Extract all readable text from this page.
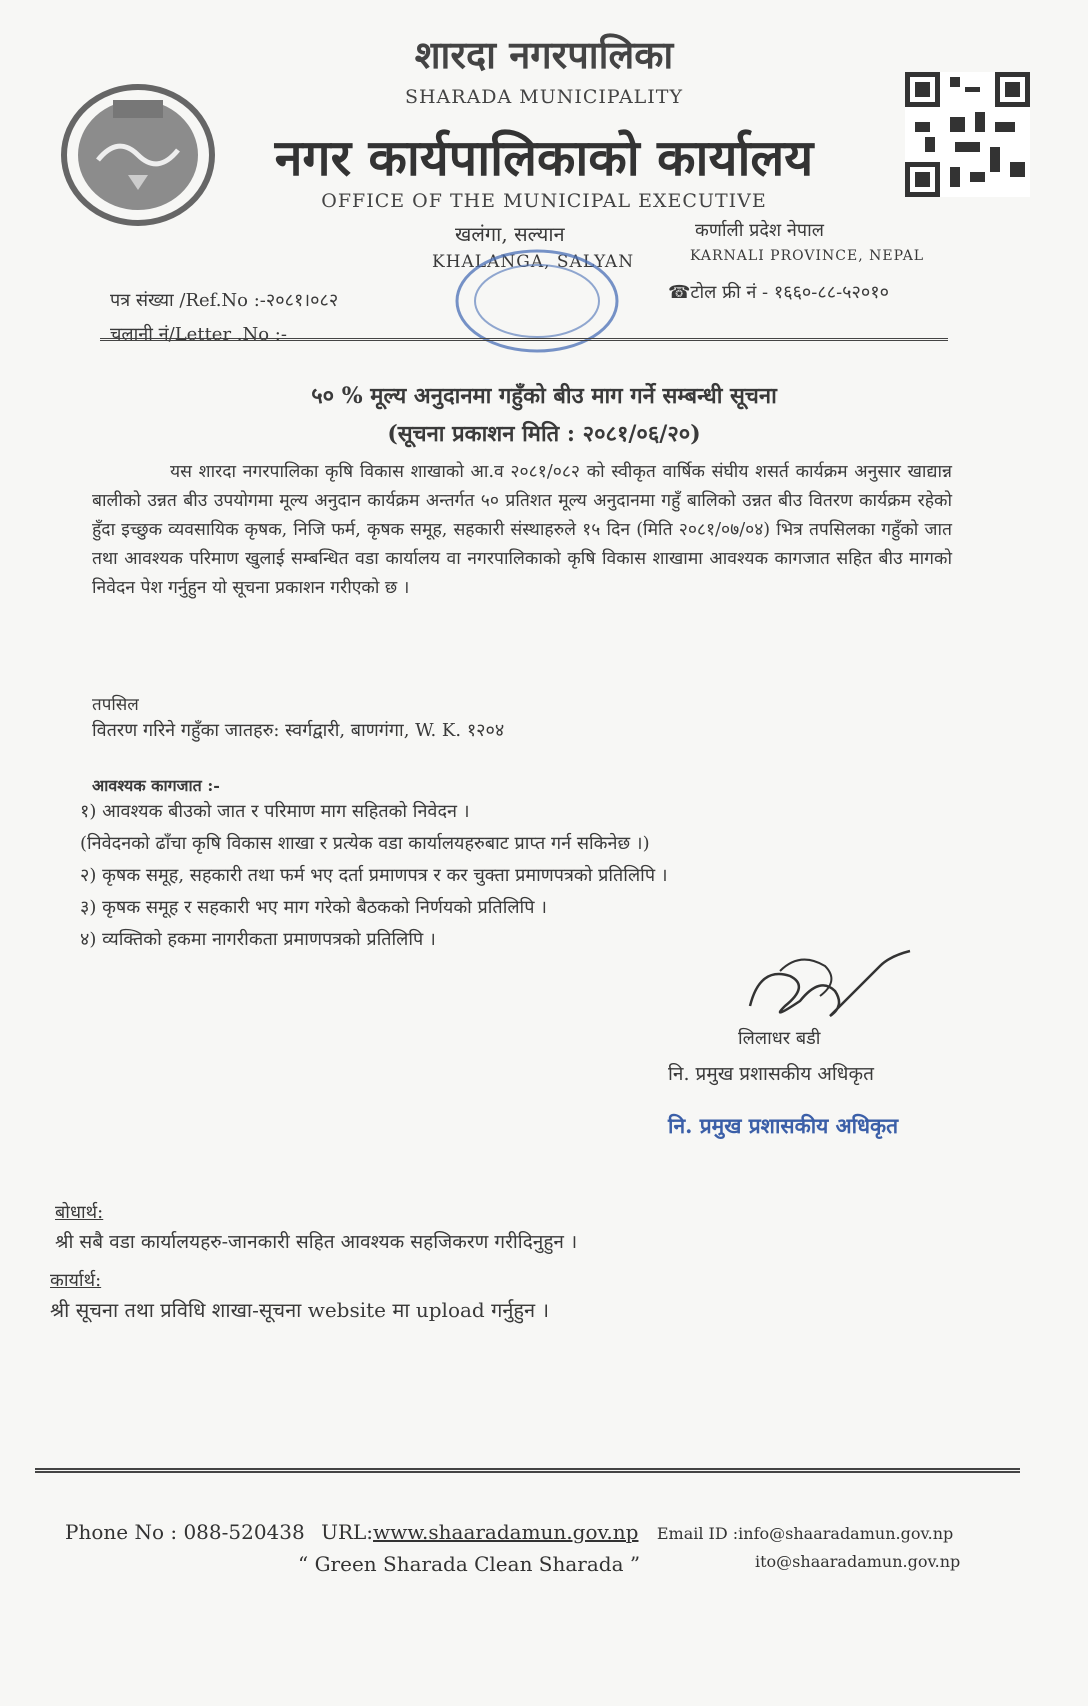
शारदा नगरपालिका
SHARADA MUNICIPALITY
नगर कार्यपालिकाको कार्यालय
OFFICE OF THE MUNICIPAL EXECUTIVE
खलंगा, सल्यान
KHALANGA, SALYAN
कर्णाली प्रदेश नेपाल
KARNALI PROVINCE, NEPAL
☎टोल फ्री नं - १६६०-८८-५२०१०
पत्र संख्या /Ref.No :-२०८१।०८२
चलानी नं/Letter .No :-
५० % मूल्य अनुदानमा गहुँको बीउ माग गर्ने सम्बन्धी सूचना
(सूचना प्रकाशन मिति : २०८१/०६/२०)
यस शारदा नगरपालिका कृषि विकास शाखाको आ.व २०८१/०८२ को स्वीकृत वार्षिक संघीय शसर्त कार्यक्रम अनुसार खाद्यान्न बालीको उन्नत बीउ उपयोगमा मूल्य अनुदान कार्यक्रम अन्तर्गत ५० प्रतिशत मूल्य अनुदानमा गहुँ बालिको उन्नत बीउ वितरण कार्यक्रम रहेको हुँदा इच्छुक व्यवसायिक कृषक, निजि फर्म, कृषक समूह, सहकारी संस्थाहरुले १५ दिन (मिति २०८१/०७/०४) भित्र तपसिलका गहुँको जात तथा आवश्यक परिमाण खुलाई सम्बन्धित वडा कार्यालय वा नगरपालिकाको कृषि विकास शाखामा आवश्यक कागजात सहित बीउ मागको निवेदन पेश गर्नुहुन यो सूचना प्रकाशन गरीएको छ ।
तपसिल
वितरण गरिने गहुँका जातहरु: स्वर्गद्वारी, बाणगंगा, W. K. १२०४
आवश्यक कागजात :-
१) आवश्यक बीउको जात र परिमाण माग सहितको निवेदन ।
(निवेदनको ढाँचा कृषि विकास शाखा र प्रत्येक वडा कार्यालयहरुबाट प्राप्त गर्न सकिनेछ ।)
२) कृषक समूह, सहकारी तथा फर्म भए दर्ता प्रमाणपत्र र कर चुक्ता प्रमाणपत्रको प्रतिलिपि ।
३) कृषक समूह र सहकारी भए माग गरेको बैठकको निर्णयको प्रतिलिपि ।
४) व्यक्तिको हकमा नागरीकता प्रमाणपत्रको प्रतिलिपि ।
लिलाधर बडी
नि. प्रमुख प्रशासकीय अधिकृत
नि. प्रमुख प्रशासकीय अधिकृत
बोधार्थ:
श्री सबै वडा कार्यालयहरु-जानकारी सहित आवश्यक सहजिकरण गरीदिनुहुन ।
कार्यार्थ:
श्री सूचना तथा प्रविधि शाखा-सूचना website मा upload गर्नुहुन ।
Phone No : 088-520438 URL:www.shaaradamun.gov.np Email ID :info@shaaradamun.gov.np
“ Green Sharada Clean Sharada ”	ito@shaaradamun.gov.np
